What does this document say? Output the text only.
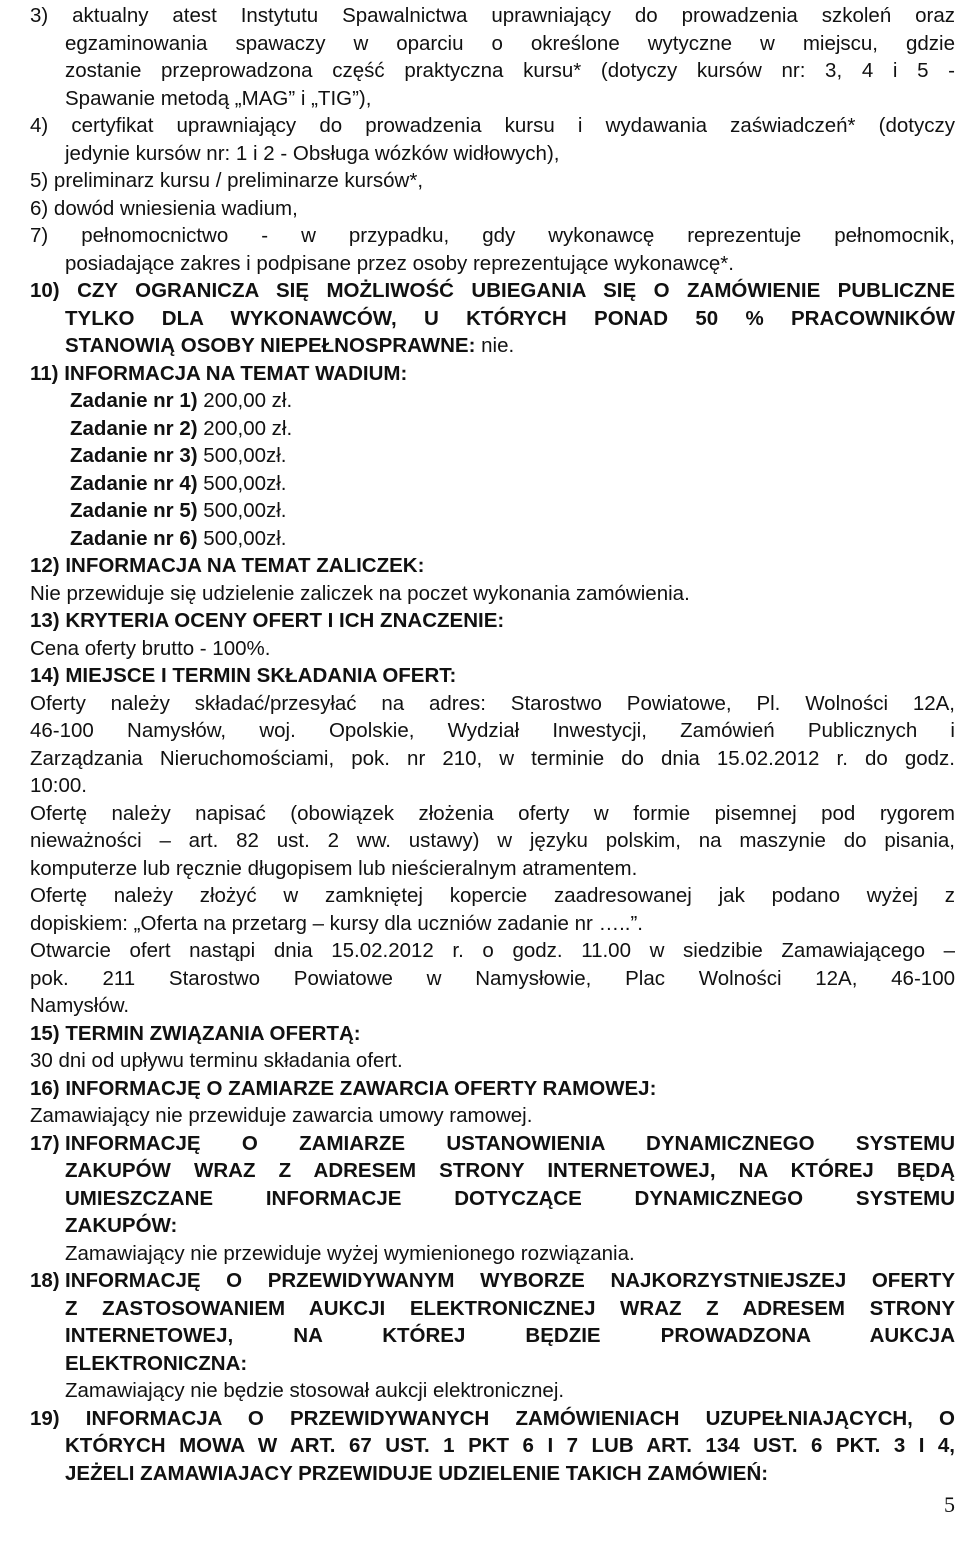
3) aktualny atest Instytutu Spawalnictwa uprawniający do prowadzenia szkoleń oraz

egzaminowania spawaczy w oparciu o określone wytyczne w miejscu, gdzie

zostanie przeprowadzona część praktyczna kursu* (dotyczy kursów nr: 3, 4 i 5 -

Spawanie metodą „MAG” i „TIG”),

4) certyfikat uprawniający do prowadzenia kursu i wydawania zaświadczeń* (dotyczy

jedynie kursów nr: 1 i 2 - Obsługa wózków widłowych),

5) preliminarz kursu / preliminarze kursów*,

6) dowód wniesienia wadium,

7) pełnomocnictwo - w przypadku, gdy wykonawcę reprezentuje pełnomocnik,

posiadające zakres i podpisane przez osoby reprezentujące wykonawcę*.

10) CZY OGRANICZA SIĘ MOŻLIWOŚĆ UBIEGANIA SIĘ O ZAMÓWIENIE PUBLICZNE

TYLKO DLA WYKONAWCÓW, U KTÓRYCH PONAD 50 % PRACOWNIKÓW

STANOWIĄ OSOBY NIEPEŁNOSPRAWNE: nie.

11) INFORMACJA NA TEMAT WADIUM:

Zadanie nr 1) 200,00 zł.

Zadanie nr 2) 200,00 zł.

Zadanie nr 3) 500,00zł.

Zadanie nr 4) 500,00zł.

Zadanie nr 5) 500,00zł.

Zadanie nr 6) 500,00zł.

12) INFORMACJA NA TEMAT ZALICZEK:

Nie przewiduje się udzielenie zaliczek na poczet wykonania zamówienia.

13) KRYTERIA OCENY OFERT I ICH ZNACZENIE:

Cena oferty brutto - 100%.

14) MIEJSCE I TERMIN SKŁADANIA OFERT:

Oferty należy składać/przesyłać na adres: Starostwo Powiatowe, Pl. Wolności 12A,

46-100 Namysłów, woj. Opolskie, Wydział Inwestycji, Zamówień Publicznych i

Zarządzania Nieruchomościami, pok. nr 210, w terminie do dnia 15.02.2012 r. do godz.

10:00.

Ofertę należy napisać (obowiązek złożenia oferty w formie pisemnej pod rygorem

nieważności – art. 82 ust. 2 ww. ustawy) w języku polskim, na maszynie do pisania,

komputerze lub ręcznie długopisem lub nieścieralnym atramentem.

Ofertę należy złożyć w zamkniętej kopercie zaadresowanej jak podano wyżej z

dopiskiem: „Oferta na przetarg – kursy dla uczniów zadanie nr …..”.

Otwarcie ofert nastąpi dnia 15.02.2012 r. o godz. 11.00 w siedzibie Zamawiającego –

pok. 211 Starostwo Powiatowe w Namysłowie, Plac Wolności 12A, 46-100

Namysłów.

15) TERMIN ZWIĄZANIA OFERTĄ:

30 dni od upływu terminu składania ofert.

16) INFORMACJĘ O ZAMIARZE ZAWARCIA OFERTY RAMOWEJ:

Zamawiający nie przewiduje zawarcia umowy ramowej.

17) INFORMACJĘ O ZAMIARZE USTANOWIENIA DYNAMICZNEGO SYSTEMU

ZAKUPÓW WRAZ Z ADRESEM STRONY INTERNETOWEJ, NA KTÓREJ BĘDĄ

UMIESZCZANE INFORMACJE DOTYCZĄCE DYNAMICZNEGO SYSTEMU

ZAKUPÓW:

Zamawiający nie przewiduje wyżej wymienionego rozwiązania.

18) INFORMACJĘ O PRZEWIDYWANYM WYBORZE NAJKORZYSTNIEJSZEJ OFERTY

Z ZASTOSOWANIEM AUKCJI ELEKTRONICZNEJ WRAZ Z ADRESEM STRONY

INTERNETOWEJ, NA KTÓREJ BĘDZIE PROWADZONA AUKCJA

ELEKTRONICZNA:

Zamawiający nie będzie stosował aukcji elektronicznej.

19) INFORMACJA O PRZEWIDYWANYCH ZAMÓWIENIACH UZUPEŁNIAJĄCYCH, O

KTÓRYCH MOWA W ART. 67 UST. 1 PKT 6 I 7 LUB ART. 134 UST. 6 PKT. 3 I 4,

JEŻELI ZAMAWIAJACY PRZEWIDUJE UDZIELENIE TAKICH ZAMÓWIEŃ:

5
